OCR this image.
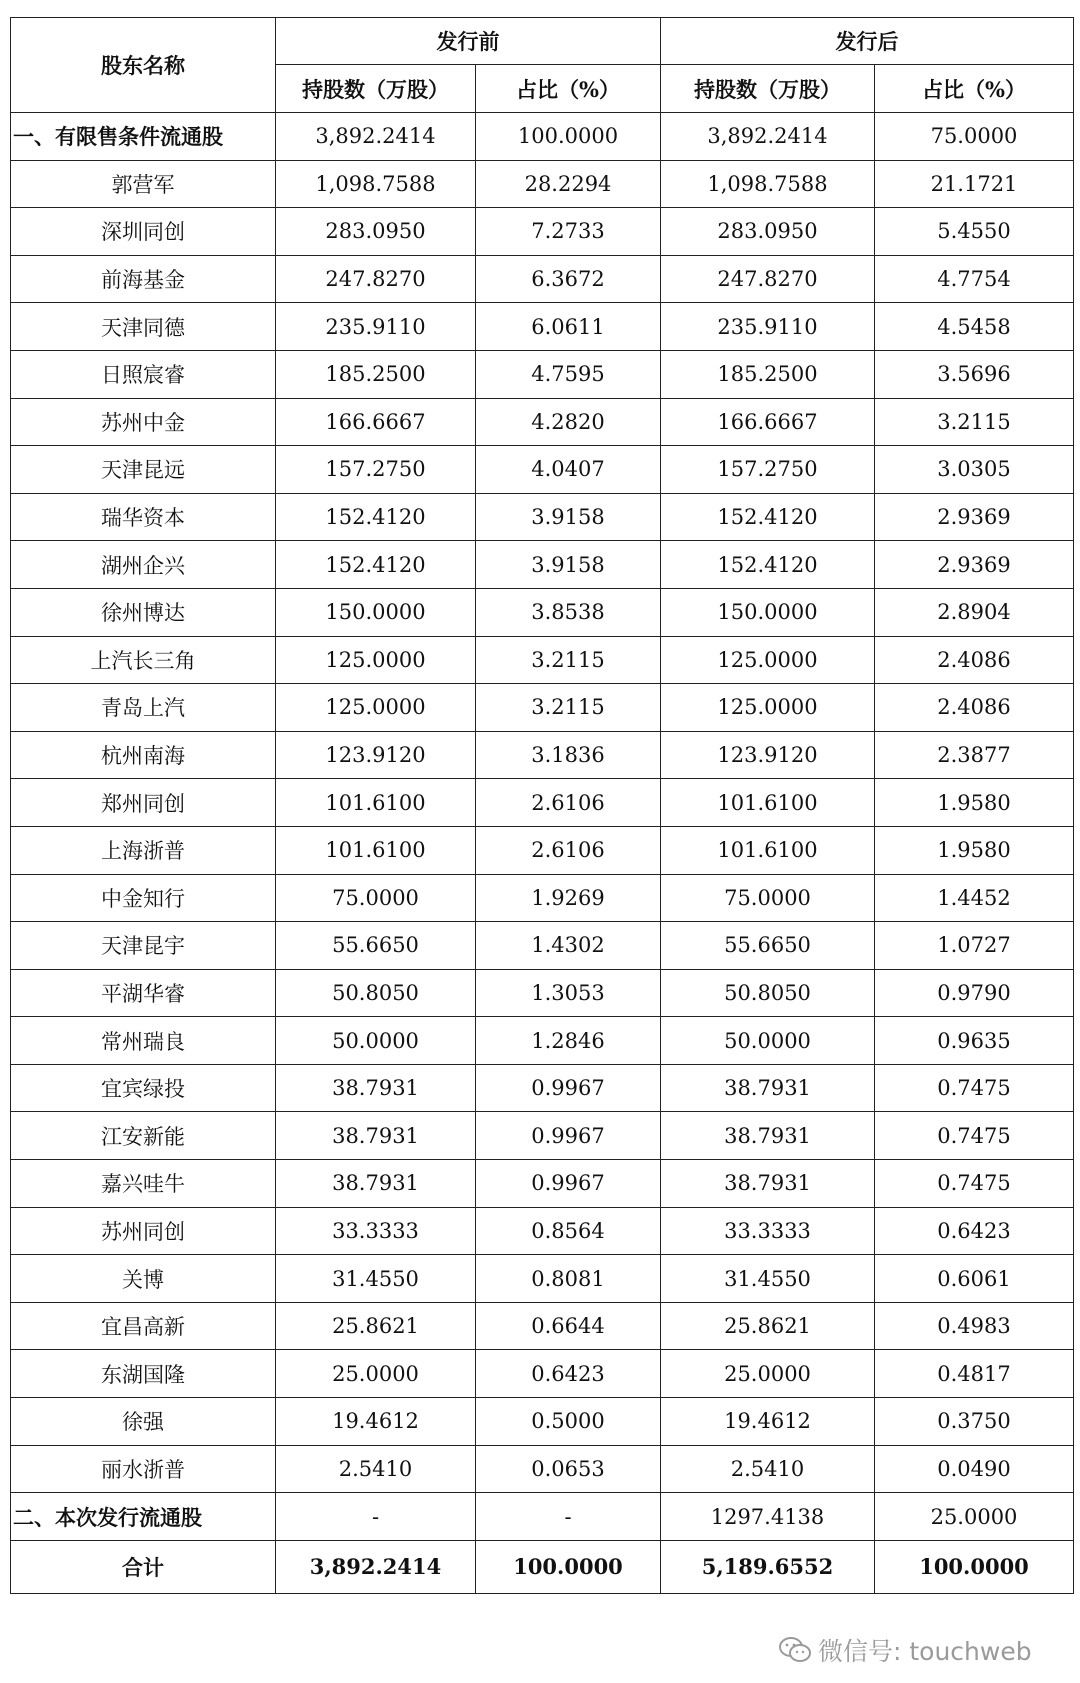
股东名称	发行前		发行后	
	持股数（万股）	占比（%）	持股数（万股）	占比（%）
一、有限售条件流通股	3,892.2414	100.0000	3,892.2414	75.0000
郭营军	1,098.7588	28.2294	1,098.7588	21.1721
深圳同创	283.0950	7.2733	283.0950	5.4550
前海基金	247.8270	6.3672	247.8270	4.7754
天津同德	235.9110	6.0611	235.9110	4.5458
日照宸睿	185.2500	4.7595	185.2500	3.5696
苏州中金	166.6667	4.2820	166.6667	3.2115
天津昆远	157.2750	4.0407	157.2750	3.0305
瑞华资本	152.4120	3.9158	152.4120	2.9369
湖州企兴	152.4120	3.9158	152.4120	2.9369
徐州博达	150.0000	3.8538	150.0000	2.8904
上汽长三角	125.0000	3.2115	125.0000	2.4086
青岛上汽	125.0000	3.2115	125.0000	2.4086
杭州南海	123.9120	3.1836	123.9120	2.3877
郑州同创	101.6100	2.6106	101.6100	1.9580
上海浙普	101.6100	2.6106	101.6100	1.9580
中金知行	75.0000	1.9269	75.0000	1.4452
天津昆宇	55.6650	1.4302	55.6650	1.0727
平湖华睿	50.8050	1.3053	50.8050	0.9790
常州瑞良	50.0000	1.2846	50.0000	0.9635
宜宾绿投	38.7931	0.9967	38.7931	0.7475
江安新能	38.7931	0.9967	38.7931	0.7475
嘉兴哇牛	38.7931	0.9967	38.7931	0.7475
苏州同创	33.3333	0.8564	33.3333	0.6423
关博	31.4550	0.8081	31.4550	0.6061
宜昌高新	25.8621	0.6644	25.8621	0.4983
东湖国隆	25.0000	0.6423	25.0000	0.4817
徐强	19.4612	0.5000	19.4612	0.3750
丽水浙普	2.5410	0.0653	2.5410	0.0490
二、本次发行流通股	-	-	1297.4138	25.0000
合计	3,892.2414	100.0000	5,189.6552	100.0000
微信号: touchweb
